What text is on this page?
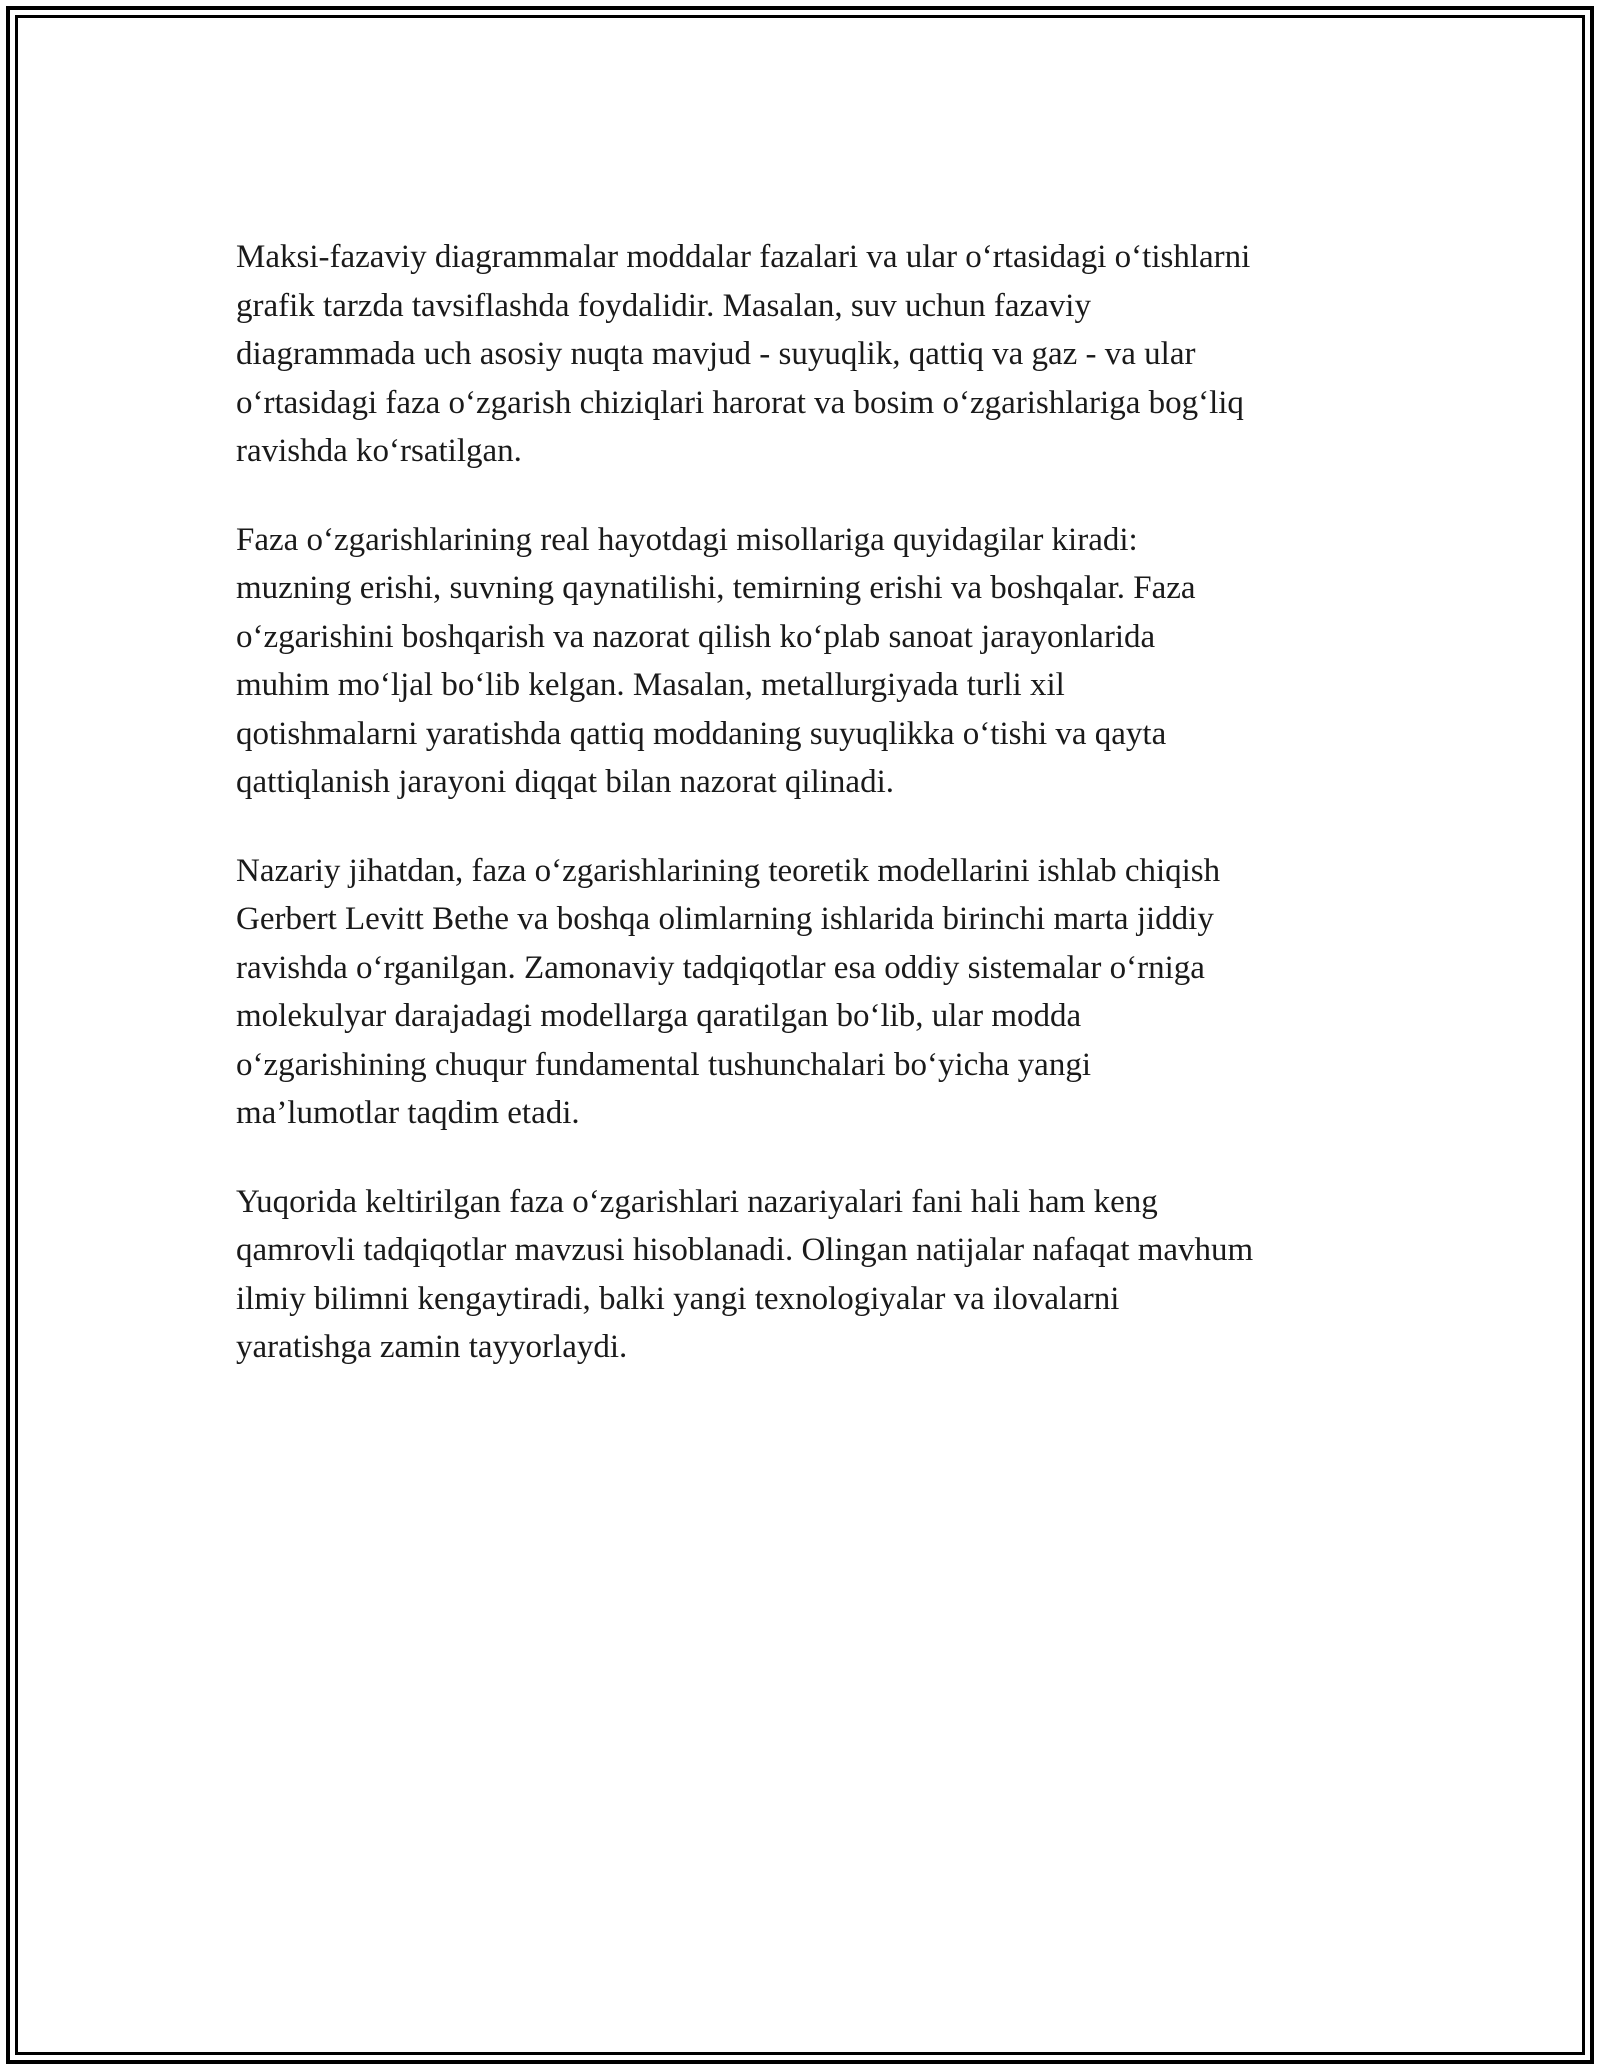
Maksi-fazaviy diagrammalar moddalar fazalari va ular o‘rtasidagi o‘tishlarni
grafik tarzda tavsiflashda foydalidir. Masalan, suv uchun fazaviy
diagrammada uch asosiy nuqta mavjud - suyuqlik, qattiq va gaz - va ular
o‘rtasidagi faza o‘zgarish chiziqlari harorat va bosim o‘zgarishlariga bog‘liq
ravishda ko‘rsatilgan.

Faza o‘zgarishlarining real hayotdagi misollariga quyidagilar kiradi:
muzning erishi, suvning qaynatilishi, temirning erishi va boshqalar. Faza
o‘zgarishini boshqarish va nazorat qilish ko‘plab sanoat jarayonlarida
muhim mo‘ljal bo‘lib kelgan. Masalan, metallurgiyada turli xil
qotishmalarni yaratishda qattiq moddaning suyuqlikka o‘tishi va qayta
qattiqlanish jarayoni diqqat bilan nazorat qilinadi.

Nazariy jihatdan, faza o‘zgarishlarining teoretik modellarini ishlab chiqish
Gerbert Levitt Bethe va boshqa olimlarning ishlarida birinchi marta jiddiy
ravishda o‘rganilgan. Zamonaviy tadqiqotlar esa oddiy sistemalar o‘rniga
molekulyar darajadagi modellarga qaratilgan bo‘lib, ular modda
o‘zgarishining chuqur fundamental tushunchalari bo‘yicha yangi
ma’lumotlar taqdim etadi.

Yuqorida keltirilgan faza o‘zgarishlari nazariyalari fani hali ham keng
qamrovli tadqiqotlar mavzusi hisoblanadi. Olingan natijalar nafaqat mavhum
ilmiy bilimni kengaytiradi, balki yangi texnologiyalar va ilovalarni
yaratishga zamin tayyorlaydi.
